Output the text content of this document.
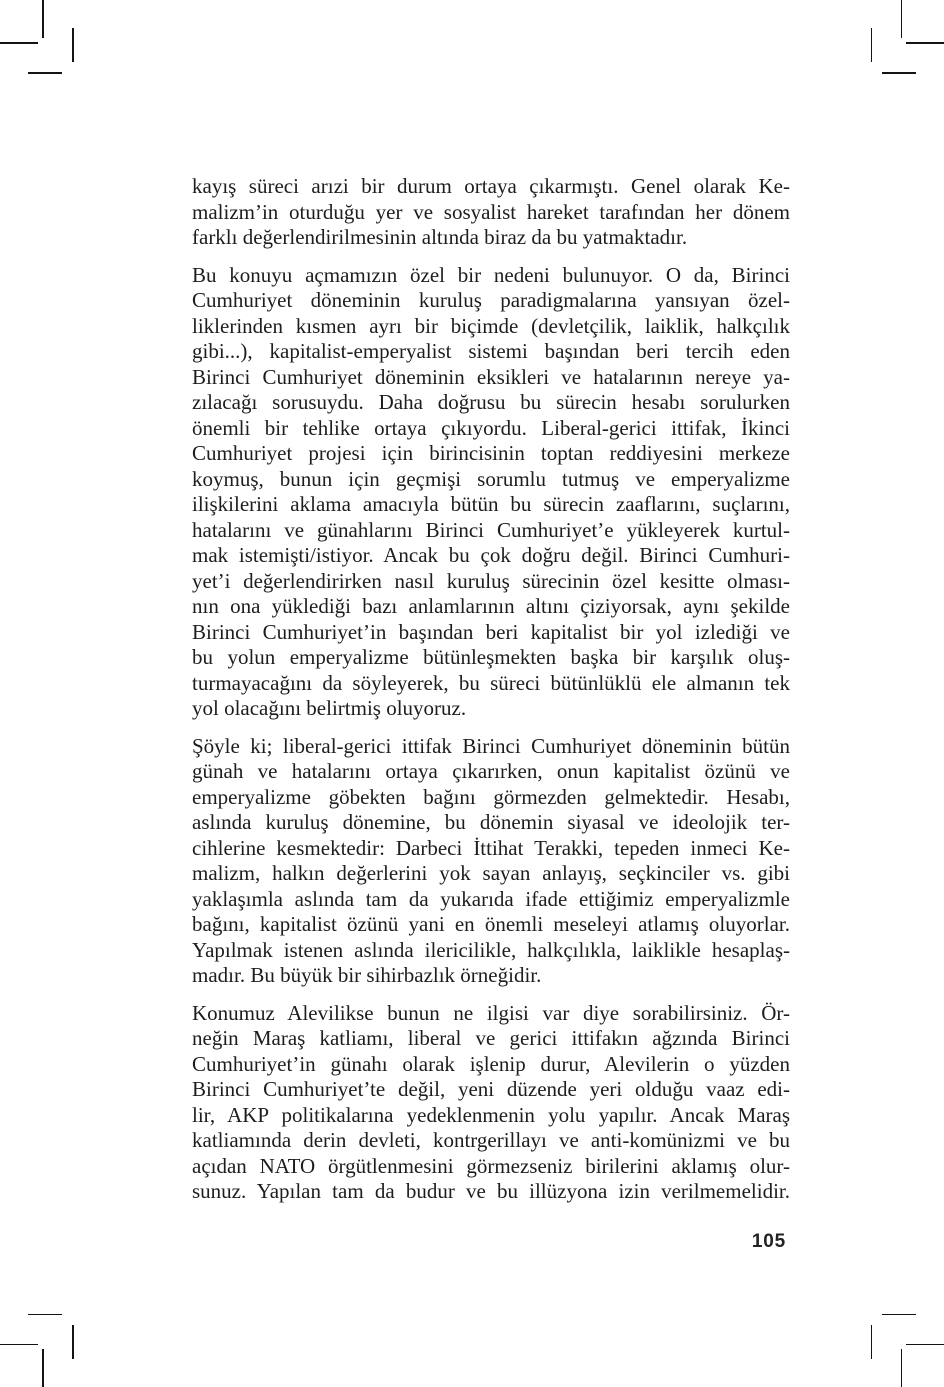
kayış süreci arızi bir durum ortaya çıkarmıştı. Genel olarak Ke-
malizm’in oturduğu yer ve sosyalist hareket tarafından her dönem
farklı değerlendirilmesinin altında biraz da bu yatmaktadır.

Bu konuyu açmamızın özel bir nedeni bulunuyor. O da, Birinci
Cumhuriyet döneminin kuruluş paradigmalarına yansıyan özel-
liklerinden kısmen ayrı bir biçimde (devletçilik, laiklik, halkçılık
gibi...), kapitalist-emperyalist sistemi başından beri tercih eden
Birinci Cumhuriyet döneminin eksikleri ve hatalarının nereye ya-
zılacağı sorusuydu. Daha doğrusu bu sürecin hesabı sorulurken
önemli bir tehlike ortaya çıkıyordu. Liberal-gerici ittifak, İkinci
Cumhuriyet projesi için birincisinin toptan reddiyesini merkeze
koymuş, bunun için geçmişi sorumlu tutmuş ve emperyalizme
ilişkilerini aklama amacıyla bütün bu sürecin zaaflarını, suçlarını,
hatalarını ve günahlarını Birinci Cumhuriyet’e yükleyerek kurtul-
mak istemişti/istiyor. Ancak bu çok doğru değil. Birinci Cumhuri-
yet’i değerlendirirken nasıl kuruluş sürecinin özel kesitte olması-
nın ona yüklediği bazı anlamlarının altını çiziyorsak, aynı şekilde
Birinci Cumhuriyet’in başından beri kapitalist bir yol izlediği ve
bu yolun emperyalizme bütünleşmekten başka bir karşılık oluş-
turmayacağını da söyleyerek, bu süreci bütünlüklü ele almanın tek
yol olacağını belirtmiş oluyoruz.

Şöyle ki; liberal-gerici ittifak Birinci Cumhuriyet döneminin bütün
günah ve hatalarını ortaya çıkarırken, onun kapitalist özünü ve
emperyalizme göbekten bağını görmezden gelmektedir. Hesabı,
aslında kuruluş dönemine, bu dönemin siyasal ve ideolojik ter-
cihlerine kesmektedir: Darbeci İttihat Terakki, tepeden inmeci Ke-
malizm, halkın değerlerini yok sayan anlayış, seçkinciler vs. gibi
yaklaşımla aslında tam da yukarıda ifade ettiğimiz emperyalizmle
bağını, kapitalist özünü yani en önemli meseleyi atlamış oluyorlar.
Yapılmak istenen aslında ilericilikle, halkçılıkla, laiklikle hesaplaş-
madır. Bu büyük bir sihirbazlık örneğidir.

Konumuz Alevilikse bunun ne ilgisi var diye sorabilirsiniz. Ör-
neğin Maraş katliamı, liberal ve gerici ittifakın ağzında Birinci
Cumhuriyet’in günahı olarak işlenip durur, Alevilerin o yüzden
Birinci Cumhuriyet’te değil, yeni düzende yeri olduğu vaaz edi-
lir, AKP politikalarına yedeklenmenin yolu yapılır. Ancak Maraş
katliamında derin devleti, kontrgerillayı ve anti-komünizmi ve bu
açıdan NATO örgütlenmesini görmezseniz birilerini aklamış olur-
sunuz. Yapılan tam da budur ve bu illüzyona izin verilmemelidir.

105
